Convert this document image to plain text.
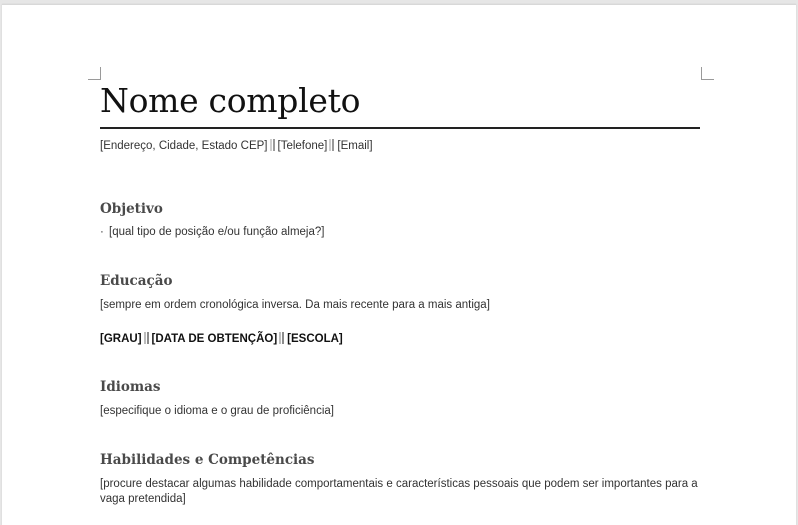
Nome completo
[Endereço, Cidade, Estado CEP] [Telefone] [Email]
Objetivo
· [qual tipo de posição e/ou função almeja?]
Educação
[sempre em ordem cronológica inversa. Da mais recente para a mais antiga]
[GRAU] [DATA DE OBTENÇÃO] [ESCOLA]
Idiomas
[especifique o idioma e o grau de proficiência]
Habilidades e Competências
[procure destacar algumas habilidade comportamentais e características pessoais que podem ser importantes para a vaga pretendida]
